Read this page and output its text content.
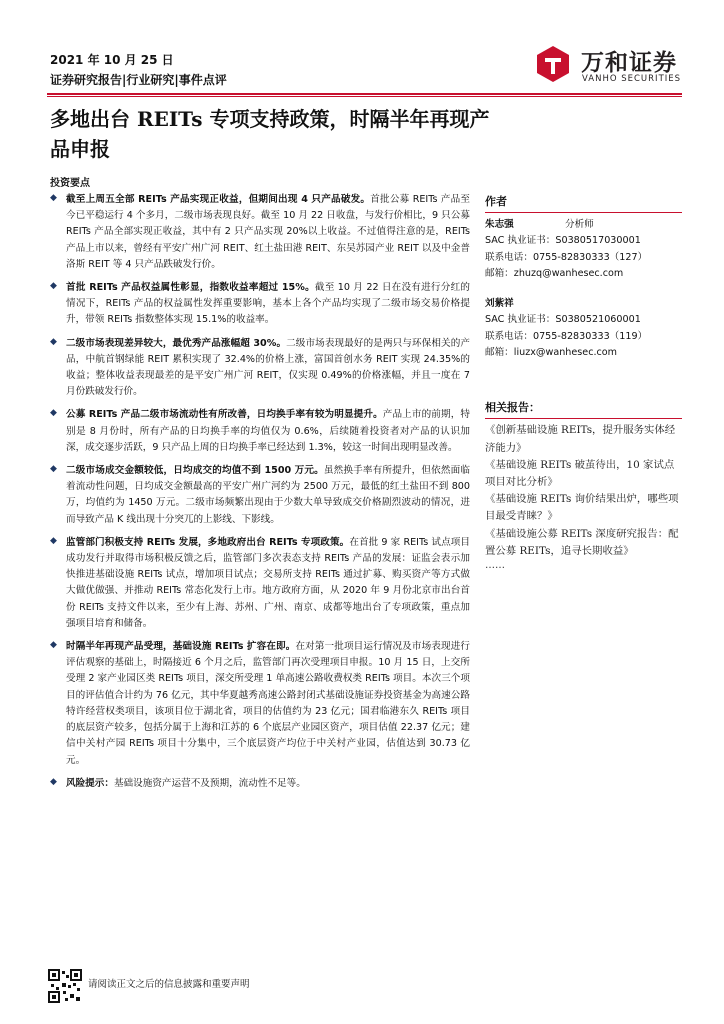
2021 年 10 月 25 日
证券研究报告|行业研究|事件点评
万和证券
VANHO SECURITIES
多地出台 REITs 专项支持政策，时隔半年再现产品申报
投资要点
◆ 截至上周五全部 REITs 产品实现正收益，但期间出现 4 只产品破发。首批公募 REITs 产品至今已平稳运行 4 个多月，二级市场表现良好。截至 10 月 22 日收盘，与发行价相比，9 只公募 REITs 产品全部实现正收益，其中有 2 只产品实现 20%以上收益。不过值得注意的是，REITs 产品上市以来，曾经有平安广州广河 REIT、红土盐田港 REIT、东吴苏园产业 REIT 以及中金普洛斯 REIT 等 4 只产品跌破发行价。
◆ 首批 REITs 产品权益属性彰显，指数收益率超过 15%。截至 10 月 22 日在没有进行分红的情况下，REITs 产品的权益属性发挥重要影响，基本上各个产品均实现了二级市场交易价格提升，带领 REITs 指数整体实现 15.1%的收益率。
◆ 二级市场表现差异较大，最优秀产品涨幅超 30%。二级市场表现最好的是两只与环保相关的产品，中航首钢绿能 REIT 累积实现了 32.4%的价格上涨，富国首创水务 REIT 实现 24.35%的收益；整体收益表现最差的是平安广州广河 REIT，仅实现 0.49%的价格涨幅，并且一度在 7 月份跌破发行价。
◆ 公募 REITs 产品二级市场流动性有所改善，日均换手率有较为明显提升。产品上市的前期，特别是 8 月份时，所有产品的日均换手率的均值仅为 0.6%，后续随着投资者对产品的认识加深，成交逐步活跃，9 只产品上周的日均换手率已经达到 1.3%，较这一时间出现明显改善。
◆ 二级市场成交金额较低，日均成交的均值不到 1500 万元。虽然换手率有所提升，但依然面临着流动性问题，日均成交金额最高的平安广州广河约为 2500 万元，最低的红土盐田不到 800 万，均值约为 1450 万元。二级市场频繁出现由于少数大单导致成交价格剧烈波动的情况，进而导致产品 K 线出现十分突兀的上影线、下影线。
◆ 监管部门积极支持 REITs 发展，多地政府出台 REITs 专项政策。在首批 9 家 REITs 试点项目成功发行并取得市场积极反馈之后，监管部门多次表态支持 REITs 产品的发展：证监会表示加快推进基础设施 REITs 试点，增加项目试点；交易所支持 REITs 通过扩募、购买资产等方式做大做优做强、并推动 REITs 常态化发行上市。地方政府方面，从 2020 年 9 月份北京市出台首份 REITs 支持文件以来，至少有上海、苏州、广州、南京、成都等地出台了专项政策，重点加强项目培育和储备。
◆ 时隔半年再现产品受理，基础设施 REITs 扩容在即。在对第一批项目运行情况及市场表现进行评估观察的基础上，时隔接近 6 个月之后，监管部门再次受理项目申报。10 月 15 日，上交所受理 2 家产业园区类 REITs 项目，深交所受理 1 单高速公路收费权类 REITs 项目。本次三个项目的评估值合计约为 76 亿元，其中华夏越秀高速公路封闭式基础设施证券投资基金为高速公路特许经营权类项目，该项目位于湖北省，项目的估值约为 23 亿元；国君临港东久 REITs 项目的底层资产较多，包括分属于上海和江苏的 6 个底层产业园区资产，项目估值 22.37 亿元；建信中关村产园 REITs 项目十分集中，三个底层资产均位于中关村产业园，估值达到 30.73 亿元。
◆ 风险提示：基础设施资产运营不及预期，流动性不足等。
作者
朱志强	分析师
SAC 执业证书：S0380517030001
联系电话：0755-82830333（127）
邮箱：zhuzq@wanhesec.com
刘紫祥
SAC 执业证书：S0380521060001
联系电话：0755-82830333（119）
邮箱：liuzx@wanhesec.com
相关报告：
《创新基础设施 REITs，提升服务实体经济能力》
《基础设施 REITs 破茧待出，10 家试点项目对比分析》
《基础设施 REITs 询价结果出炉，哪些项目最受青睐？》
《基础设施公募 REITs 深度研究报告：配置公募 REITs，追寻长期收益》
……
请阅读正文之后的信息披露和重要声明
